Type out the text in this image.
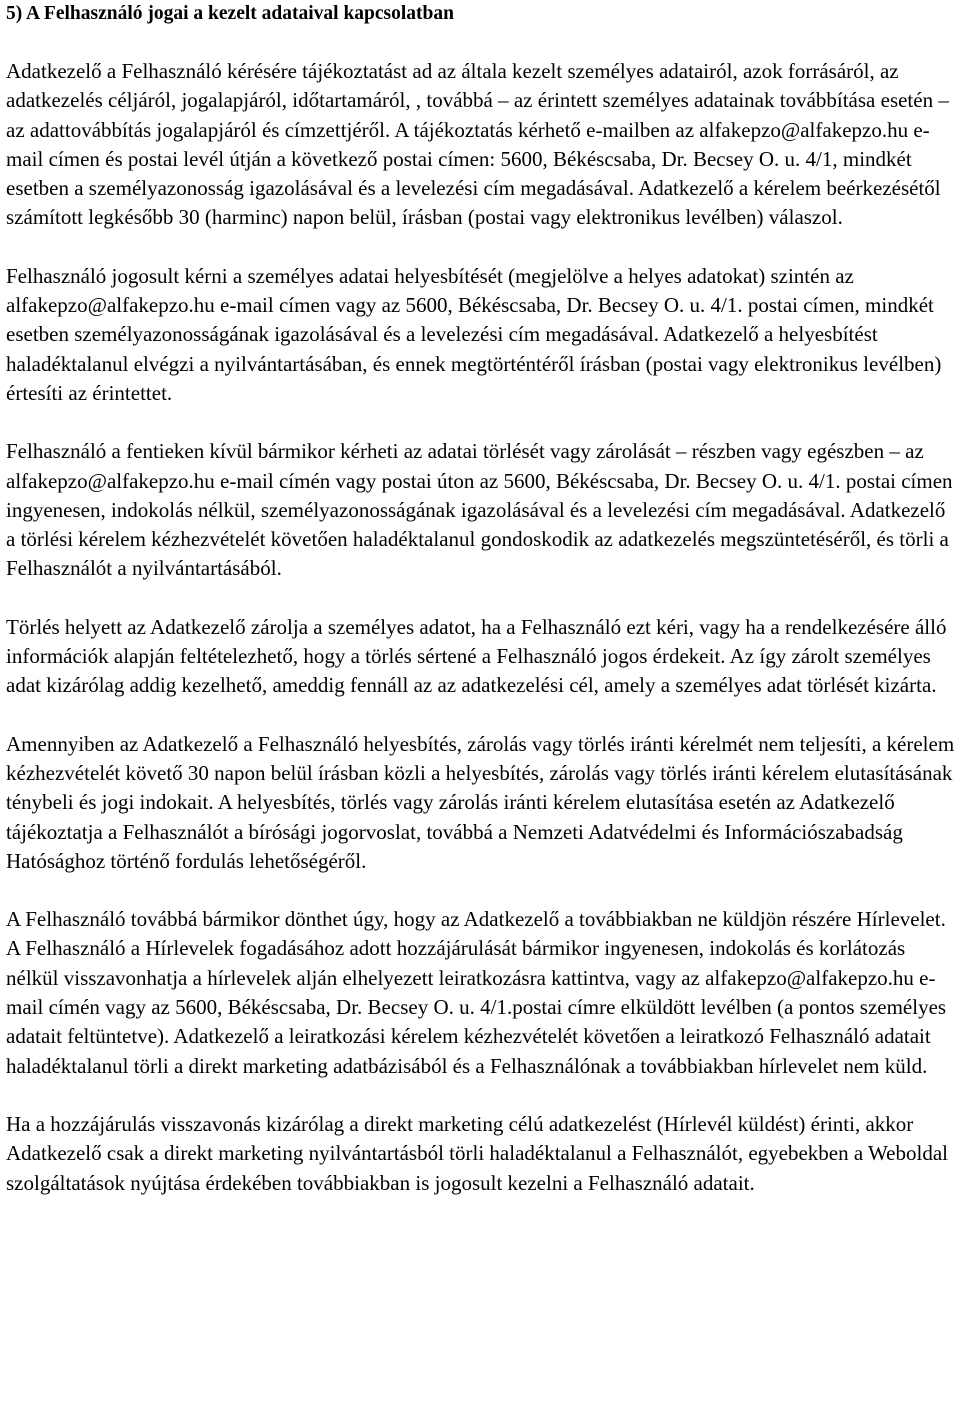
5) A Felhasználó jogai a kezelt adataival kapcsolatban

Adatkezelő a Felhasználó kérésére tájékoztatást ad az általa kezelt személyes adatairól, azok forrásáról, az adatkezelés céljáról, jogalapjáról, időtartamáról, , továbbá – az érintett személyes adatainak továbbítása esetén – az adattovábbítás jogalapjáról és címzettjéről. A tájékoztatás kérhető e-mailben az alfakepzo@alfakepzo.hu e-mail címen és postai levél útján a következő postai címen: 5600, Békéscsaba, Dr. Becsey O. u. 4/1, mindkét esetben a személyazonosság igazolásával és a levelezési cím megadásával. Adatkezelő a kérelem beérkezésétől számított legkésőbb 30 (harminc) napon belül, írásban (postai vagy elektronikus levélben) válaszol.

Felhasználó jogosult kérni a személyes adatai helyesbítését (megjelölve a helyes adatokat) szintén az alfakepzo@alfakepzo.hu e-mail címen vagy az 5600, Békéscsaba, Dr. Becsey O. u. 4/1. postai címen, mindkét esetben személyazonosságának igazolásával és a levelezési cím megadásával. Adatkezelő a helyesbítést haladéktalanul elvégzi a nyilvántartásában, és ennek megtörténtéről írásban (postai vagy elektronikus levélben) értesíti az érintettet.

Felhasználó a fentieken kívül bármikor kérheti az adatai törlését vagy zárolását – részben vagy egészben – az alfakepzo@alfakepzo.hu e-mail címén vagy postai úton az 5600, Békéscsaba, Dr. Becsey O. u. 4/1. postai címen ingyenesen, indokolás nélkül, személyazonosságának igazolásával és a levelezési cím megadásával. Adatkezelő a törlési kérelem kézhezvételét követően haladéktalanul gondoskodik az adatkezelés megszüntetéséről, és törli a Felhasználót a nyilvántartásából.

Törlés helyett az Adatkezelő zárolja a személyes adatot, ha a Felhasználó ezt kéri, vagy ha a rendelkezésére álló információk alapján feltételezhető, hogy a törlés sértené a Felhasználó jogos érdekeit. Az így zárolt személyes adat kizárólag addig kezelhető, ameddig fennáll az az adatkezelési cél, amely a személyes adat törlését kizárta.

Amennyiben az Adatkezelő a Felhasználó helyesbítés, zárolás vagy törlés iránti kérelmét nem teljesíti, a kérelem kézhezvételét követő 30 napon belül írásban közli a helyesbítés, zárolás vagy törlés iránti kérelem elutasításának ténybeli és jogi indokait. A helyesbítés, törlés vagy zárolás iránti kérelem elutasítása esetén az Adatkezelő tájékoztatja a Felhasználót a bírósági jogorvoslat, továbbá a Nemzeti Adatvédelmi és Információszabadság Hatósághoz történő fordulás lehetőségéről.

A Felhasználó továbbá bármikor dönthet úgy, hogy az Adatkezelő a továbbiakban ne küldjön részére Hírlevelet. A Felhasználó a Hírlevelek fogadásához adott hozzájárulását bármikor ingyenesen, indokolás és korlátozás nélkül visszavonhatja a hírlevelek alján elhelyezett leiratkozásra kattintva, vagy az alfakepzo@alfakepzo.hu e-mail címén vagy az 5600, Békéscsaba, Dr. Becsey O. u. 4/1.postai címre elküldött levélben (a pontos személyes adatait feltüntetve). Adatkezelő a leiratkozási kérelem kézhezvételét követően a leiratkozó Felhasználó adatait haladéktalanul törli a direkt marketing adatbázisából és a Felhasználónak a továbbiakban hírlevelet nem küld.

Ha a hozzájárulás visszavonás kizárólag a direkt marketing célú adatkezelést (Hírlevél küldést) érinti, akkor Adatkezelő csak a direkt marketing nyilvántartásból törli haladéktalanul a Felhasználót, egyebekben a Weboldal szolgáltatások nyújtása érdekében továbbiakban is jogosult kezelni a Felhasználó adatait.
